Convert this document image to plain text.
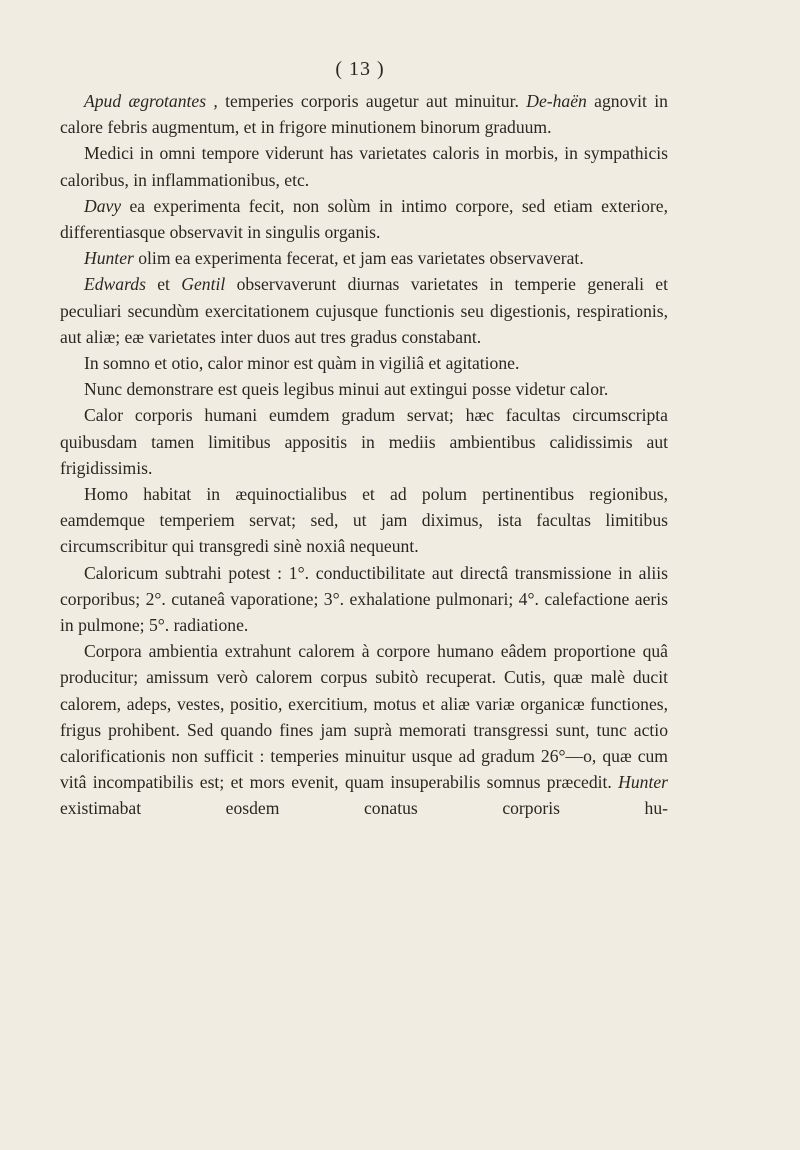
( 13 )

Apud ægrotantes , temperies corporis augetur aut minuitur. De-haën agnovit in calore febris augmentum, et in frigore minutionem binorum graduum.

Medici in omni tempore viderunt has varietates caloris in morbis, in sympathicis caloribus, in inflammationibus, etc.

Davy ea experimenta fecit, non solùm in intimo corpore, sed etiam exteriore, differentiasque observavit in singulis organis.

Hunter olim ea experimenta fecerat, et jam eas varietates observaverat.

Edwards et Gentil observaverunt diurnas varietates in temperie generali et peculiari secundùm exercitationem cujusque functionis seu digestionis, respirationis, aut aliæ; eæ varietates inter duos aut tres gradus constabant.

In somno et otio, calor minor est quàm in vigiliâ et agitatione.

Nunc demonstrare est queis legibus minui aut extingui posse videtur calor.

Calor corporis humani eumdem gradum servat; hæc facultas circumscripta quibusdam tamen limitibus appositis in mediis ambientibus calidissimis aut frigidissimis.

Homo habitat in æquinoctialibus et ad polum pertinentibus regionibus, eamdemque temperiem servat; sed, ut jam diximus, ista facultas limitibus circumscribitur qui transgredi sinè noxiâ nequeunt.

Caloricum subtrahi potest : 1°. conductibilitate aut directâ transmissione in aliis corporibus; 2°. cutaneâ vaporatione; 3°. exhalatione pulmonari; 4°. calefactione aeris in pulmone; 5°. radiatione.

Corpora ambientia extrahunt calorem à corpore humano eâdem proportione quâ producitur; amissum verò calorem corpus subitò recuperat. Cutis, quæ malè ducit calorem, adeps, vestes, positio, exercitium, motus et aliæ variæ organicæ functiones, frigus prohibent. Sed quando fines jam suprà memorati transgressi sunt, tunc actio calorificationis non sufficit : temperies minuitur usque ad gradum 26°—o, quæ cum vitâ incompatibilis est; et mors evenit, quam insuperabilis somnus præcedit. Hunter existimabat eosdem conatus corporis hu-
